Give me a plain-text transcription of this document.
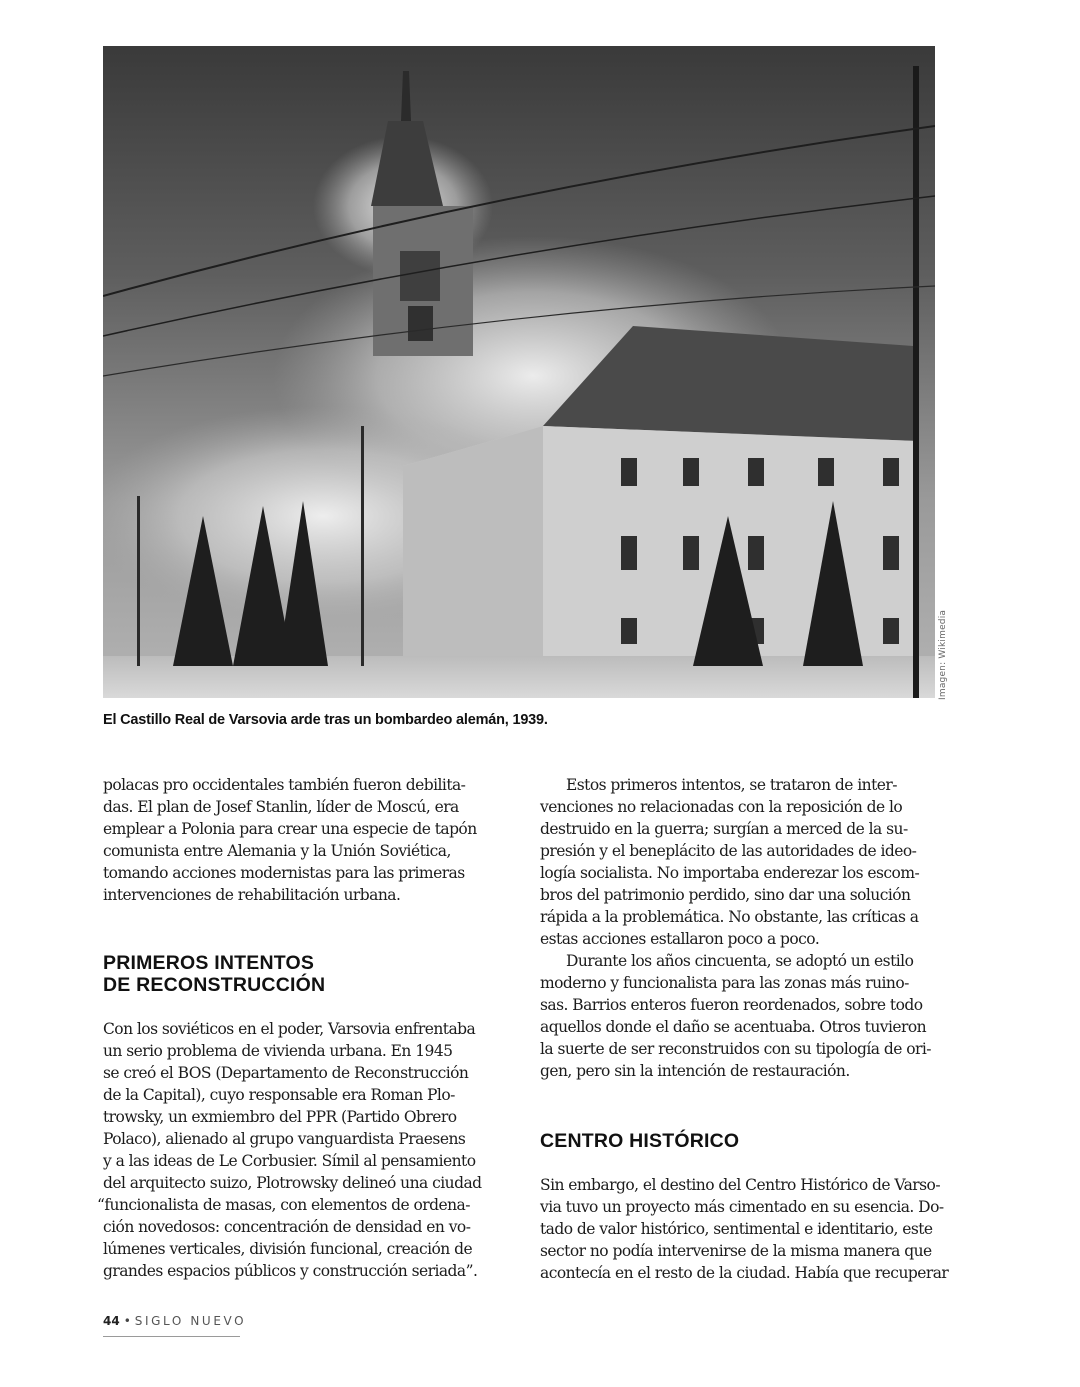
Imagen: Wikimedia
El Castillo Real de Varsovia arde tras un bombardeo alemán, 1939.
polacas pro occidentales también fueron debilita-
das. El plan de Josef Stanlin, líder de Moscú, era
emplear a Polonia para crear una especie de tapón
comunista entre Alemania y la Unión Soviética,
tomando acciones modernistas para las primeras
intervenciones de rehabilitación urbana.
PRIMEROS INTENTOS
DE RECONSTRUCCIÓN
Con los soviéticos en el poder, Varsovia enfrentaba
un serio problema de vivienda urbana. En 1945
se creó el BOS (Departamento de Reconstrucción
de la Capital), cuyo responsable era Roman Plo-
trowsky, un exmiembro del PPR (Partido Obrero
Polaco), alienado al grupo vanguardista Praesens
y a las ideas de Le Corbusier. Símil al pensamiento
del arquitecto suizo, Plotrowsky delineó una ciudad
“funcionalista de masas, con elementos de ordena-
ción novedosos: concentración de densidad en vo-
lúmenes verticales, división funcional, creación de
grandes espacios públicos y construcción seriada”.
Estos primeros intentos, se trataron de inter-
venciones no relacionadas con la reposición de lo
destruido en la guerra; surgían a merced de la su-
presión y el beneplácito de las autoridades de ideo-
logía socialista. No importaba enderezar los escom-
bros del patrimonio perdido, sino dar una solución
rápida a la problemática. No obstante, las críticas a
estas acciones estallaron poco a poco.
Durante los años cincuenta, se adoptó un estilo
moderno y funcionalista para las zonas más ruino-
sas. Barrios enteros fueron reordenados, sobre todo
aquellos donde el daño se acentuaba. Otros tuvieron
la suerte de ser reconstruidos con su tipología de ori-
gen, pero sin la intención de restauración.
CENTRO HISTÓRICO
Sin embargo, el destino del Centro Histórico de Varso-
via tuvo un proyecto más cimentado en su esencia. Do-
tado de valor histórico, sentimental e identitario, este
sector no podía intervenirse de la misma manera que
acontecía en el resto de la ciudad. Había que recuperar
44 • SIGLO NUEVO
